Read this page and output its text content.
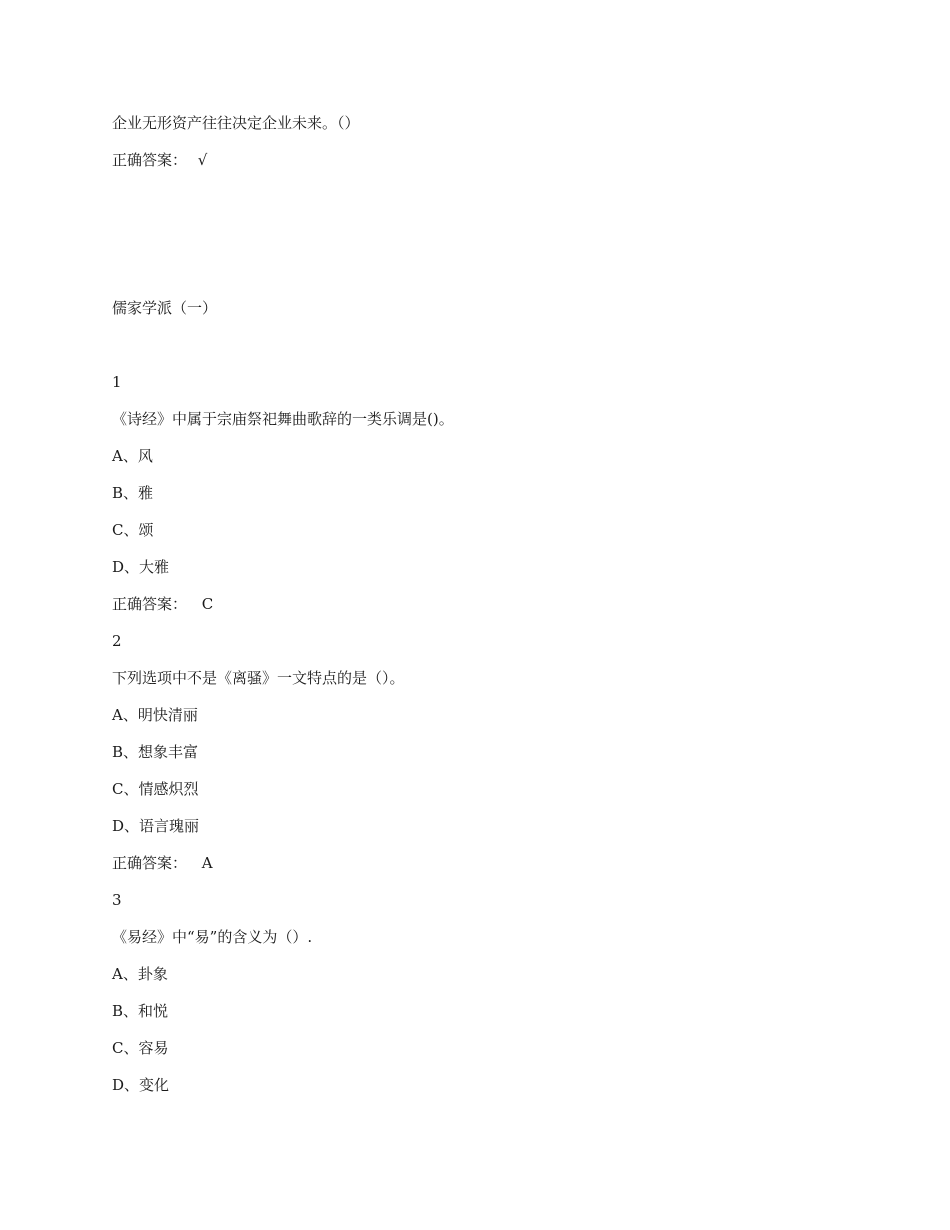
企业无形资产往往决定企业未来。（）
正确答案： √
儒家学派（一）
1
《诗经》中属于宗庙祭祀舞曲歌辞的一类乐调是()。
A、风
B、雅
C、颂
D、大雅
正确答案： C
2
下列选项中不是《离骚》一文特点的是（）。
A、明快清丽
B、想象丰富
C、情感炽烈
D、语言瑰丽
正确答案： A
3
《易经》中“易”的含义为（）.
A、卦象
B、和悦
C、容易
D、变化
